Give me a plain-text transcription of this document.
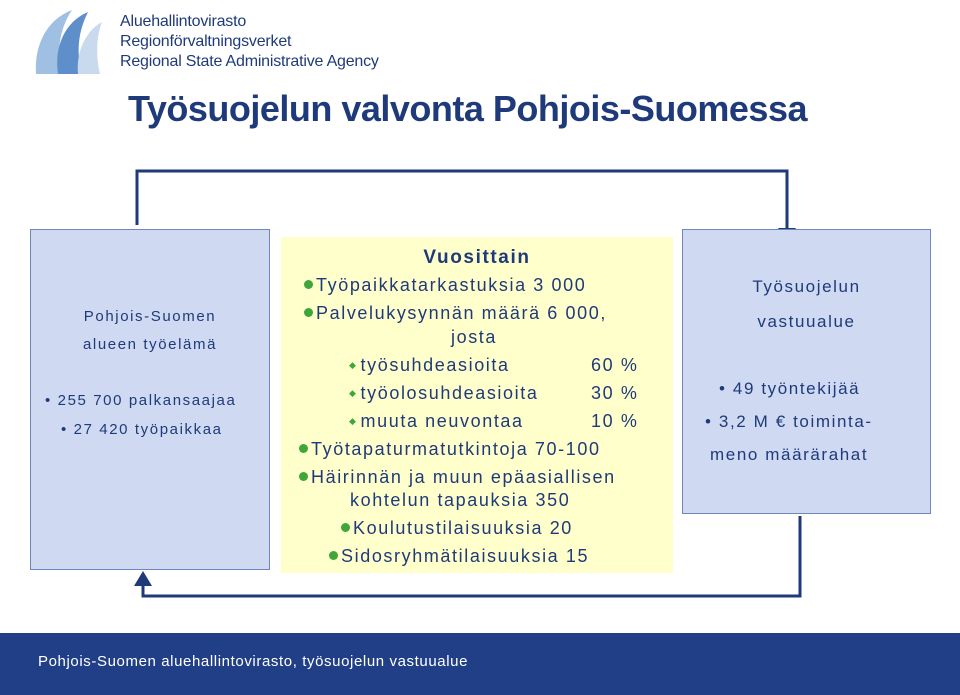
Aluehallintovirasto
Regionförvaltningsverket
Regional State Administrative Agency
Työsuojelun valvonta Pohjois-Suomessa
Pohjois-Suomen
alueen työelämä
• 255 700 palkansaajaa
• 27 420 työpaikkaa
Vuosittain
Työpaikkatarkastuksia 3 000
Palvelukysynnän määrä 6 000,
josta
◆ työsuhdeasioita	60 %
◆ työolosuhdeasioita	30 %
◆ muuta neuvontaa	10 %
Työtapaturmatutkintoja 70-100
Häirinnän ja muun epäasiallisen
kohtelun tapauksia 350
Koulutustilaisuuksia 20
Sidosryhmätilaisuuksia 15
Työsuojelun
vastuualue
• 49 työntekijää
• 3,2 M € toiminta-
meno määrärahat
Pohjois-Suomen aluehallintovirasto, työsuojelun vastuualue
